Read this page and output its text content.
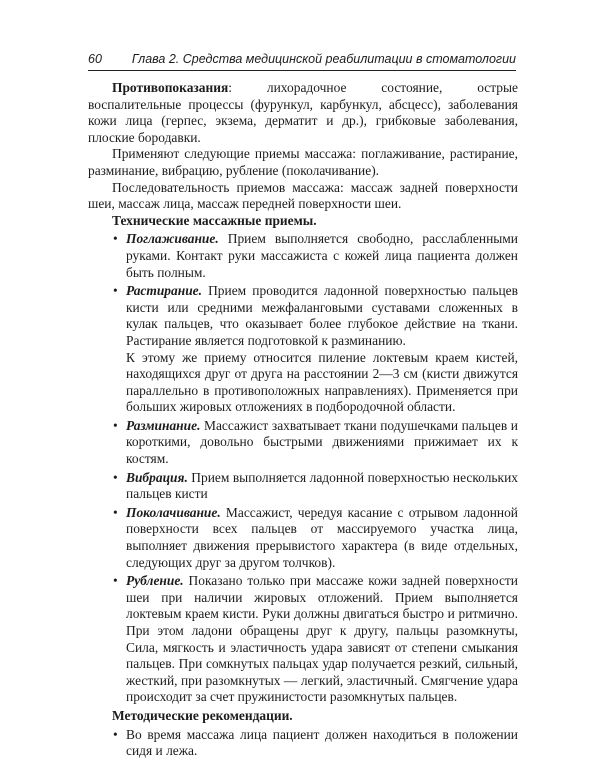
60 Глава 2. Средства медицинской реабилитации в стоматологии

Противопоказания: лихорадочное состояние, острые воспалительные процессы (фурункул, карбункул, абсцесс), заболевания кожи лица (герпес, экзема, дерматит и др.), грибковые заболевания, плоские бородавки.

Применяют следующие приемы массажа: поглаживание, растирание, разминание, вибрацию, рубление (поколачивание).

Последовательность приемов массажа: массаж задней поверхности шеи, массаж лица, массаж передней поверхности шеи.

Технические массажные приемы.
• Поглаживание. Прием выполняется свободно, расслабленными руками. Контакт руки массажиста с кожей лица пациента должен быть полным.
• Растирание. Прием проводится ладонной поверхностью пальцев кисти или средними межфаланговыми суставами сложенных в кулак пальцев, что оказывает более глубокое действие на ткани. Растирание является подготовкой к разминанию.
К этому же приему относится пиление локтевым краем кистей, находящихся друг от друга на расстоянии 2—3 см (кисти движутся параллельно в противоположных направлениях). Применяется при больших жировых отложениях в подбородочной области.
• Разминание. Массажист захватывает ткани подушечками пальцев и короткими, довольно быстрыми движениями прижимает их к костям.
• Вибрация. Прием выполняется ладонной поверхностью нескольких пальцев кисти
• Поколачивание. Массажист, чередуя касание с отрывом ладонной поверхности всех пальцев от массируемого участка лица, выполняет движения прерывистого характера (в виде отдельных, следующих друг за другом толчков).
• Рубление. Показано только при массаже кожи задней поверхности шеи при наличии жировых отложений. Прием выполняется локтевым краем кисти. Руки должны двигаться быстро и ритмично. При этом ладони обращены друг к другу, пальцы разомкнуты, Сила, мягкость и эластичность удара зависят от степени смыкания пальцев. При сомкнутых пальцах удар получается резкий, сильный, жесткий, при разомкнутых — легкий, эластичный. Смягчение удара происходит за счет пружинистости разомкнутых пальцев.
Методические рекомендации.
• Во время массажа лица пациент должен находиться в положении сидя и лежа.
